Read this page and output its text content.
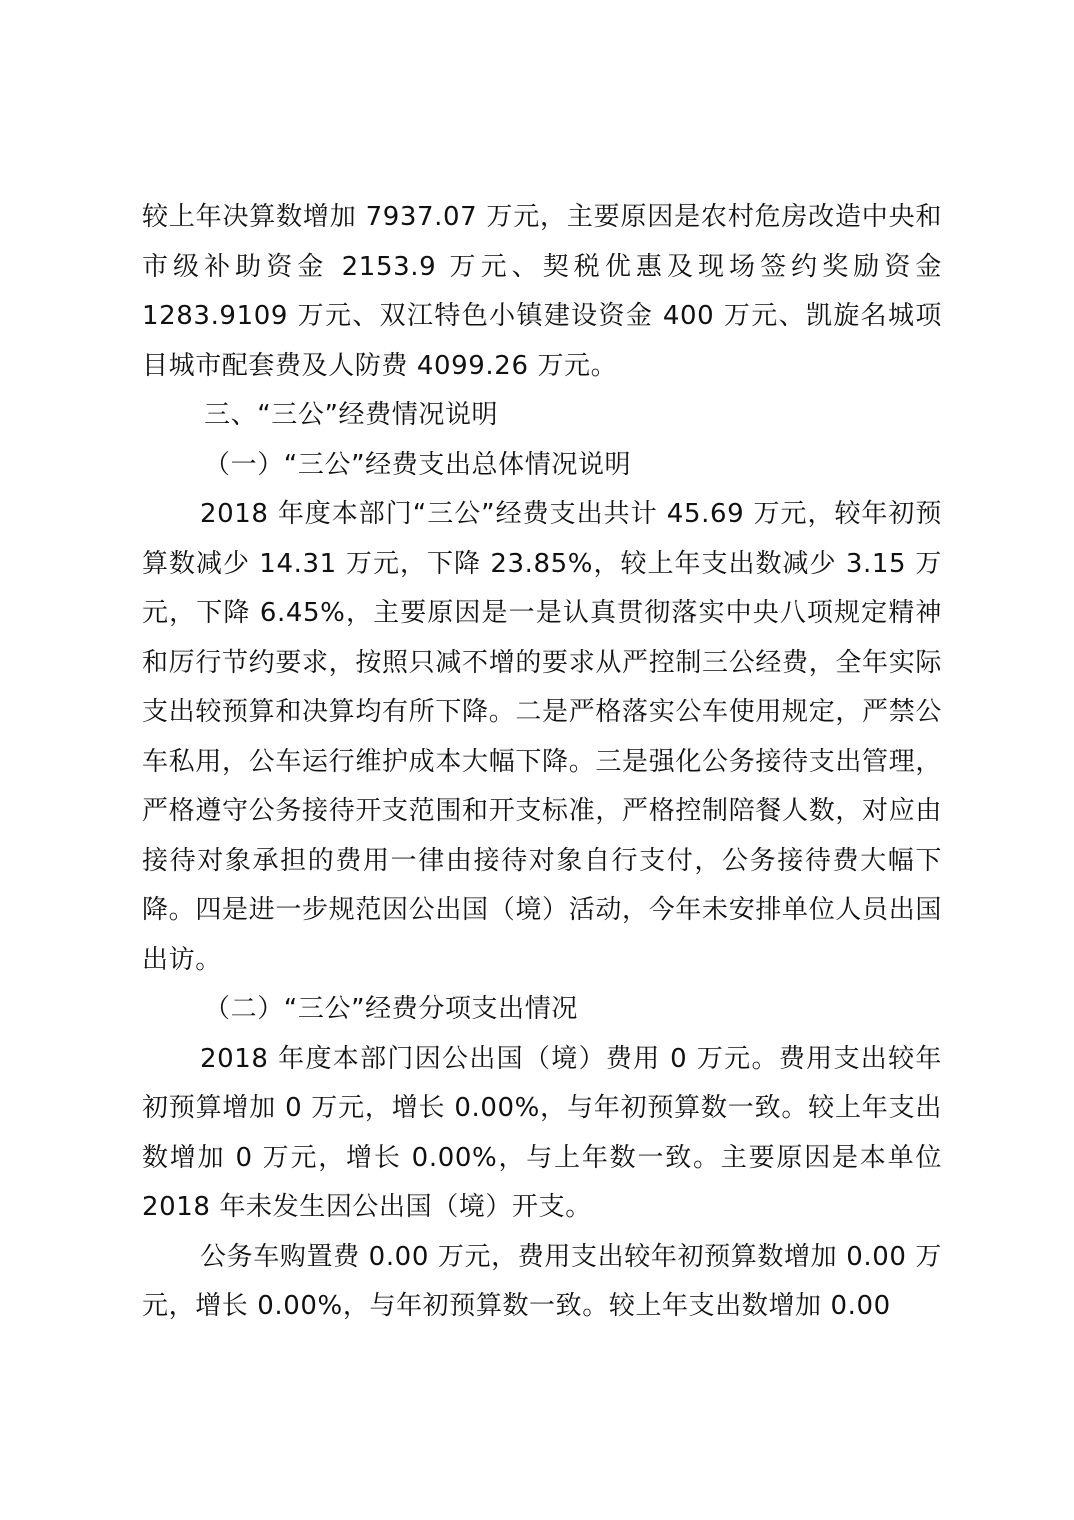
较上年决算数增加 7937.07 万元，主要原因是农村危房改造中央和市级补助资金 2153.9 万元、契税优惠及现场签约奖励资金 1283.9109 万元、双江特色小镇建设资金 400 万元、凯旋名城项目城市配套费及人防费 4099.26 万元。

三、“三公”经费情况说明
（一）“三公”经费支出总体情况说明

2018 年度本部门“三公”经费支出共计 45.69 万元，较年初预算数减少 14.31 万元，下降 23.85%，较上年支出数减少 3.15 万元，下降 6.45%，主要原因是一是认真贯彻落实中央八项规定精神和厉行节约要求，按照只减不增的要求从严控制三公经费，全年实际支出较预算和决算均有所下降。二是严格落实公车使用规定，严禁公车私用，公车运行维护成本大幅下降。三是强化公务接待支出管理，严格遵守公务接待开支范围和开支标准，严格控制陪餐人数，对应由接待对象承担的费用一律由接待对象自行支付，公务接待费大幅下降。四是进一步规范因公出国（境）活动，今年未安排单位人员出国出访。

（二）“三公”经费分项支出情况

2018 年度本部门因公出国（境）费用 0 万元。费用支出较年初预算增加 0 万元，增长 0.00%，与年初预算数一致。较上年支出数增加 0 万元，增长 0.00%，与上年数一致。主要原因是本单位 2018 年未发生因公出国（境）开支。

公务车购置费 0.00 万元，费用支出较年初预算数增加 0.00 万元，增长 0.00%，与年初预算数一致。较上年支出数增加 0.00
